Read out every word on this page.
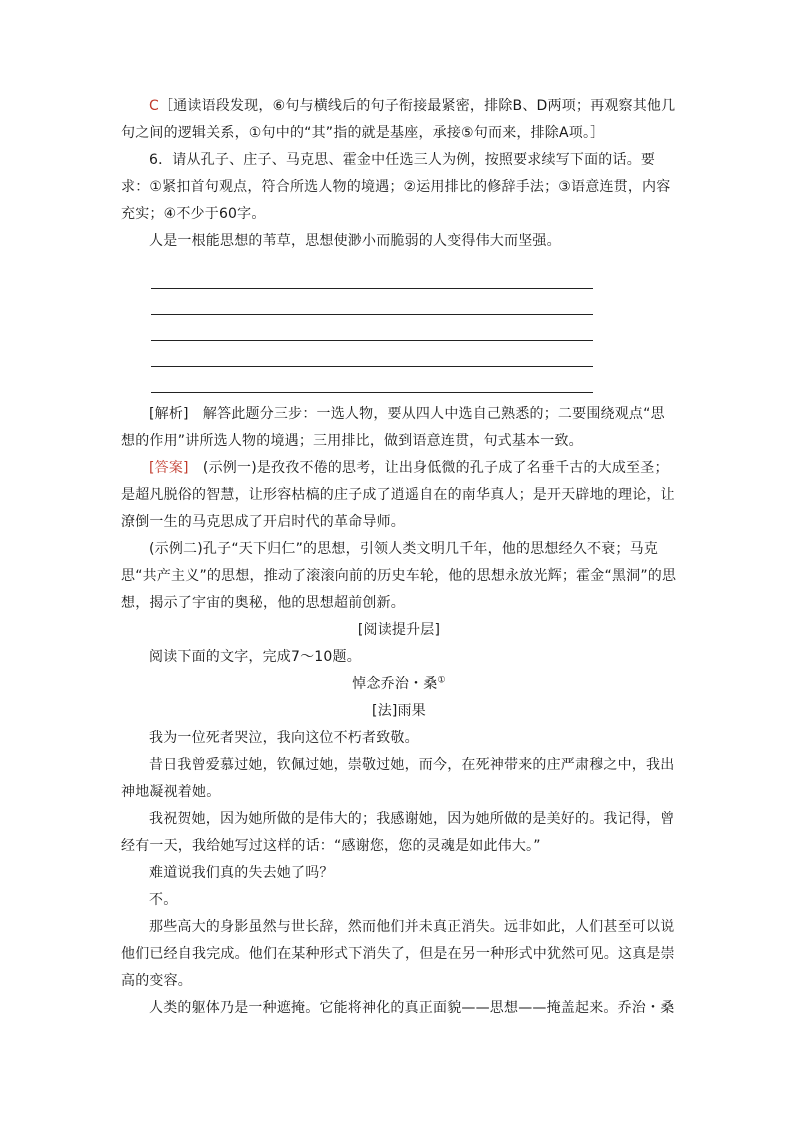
C［通读语段发现，⑥句与横线后的句子衔接最紧密，排除B、D两项；再观察其他几句之间的逻辑关系，①句中的“其”指的就是基座，承接⑤句而来，排除A项。］

6．请从孔子、庄子、马克思、霍金中任选三人为例，按照要求续写下面的话。要求：①紧扣首句观点，符合所选人物的境遇；②运用排比的修辞手法；③语意连贯，内容充实；④不少于60字。

人是一根能思想的苇草，思想使渺小而脆弱的人变得伟大而坚强。

[解析]　解答此题分三步：一选人物，要从四人中选自己熟悉的；二要围绕观点“思想的作用”讲所选人物的境遇；三用排比，做到语意连贯，句式基本一致。

[答案]　(示例一)是孜孜不倦的思考，让出身低微的孔子成了名垂千古的大成至圣；是超凡脱俗的智慧，让形容枯槁的庄子成了逍遥自在的南华真人；是开天辟地的理论，让潦倒一生的马克思成了开启时代的革命导师。

(示例二)孔子“天下归仁”的思想，引领人类文明几千年，他的思想经久不衰；马克思“共产主义”的思想，推动了滚滚向前的历史车轮，他的思想永放光辉；霍金“黑洞”的思想，揭示了宇宙的奥秘，他的思想超前创新。

[阅读提升层]

阅读下面的文字，完成7～10题。

悼念乔治・桑①

[法]雨果

我为一位死者哭泣，我向这位不朽者致敬。

昔日我曾爱慕过她，钦佩过她，崇敬过她，而今，在死神带来的庄严肃穆之中，我出神地凝视着她。

我祝贺她，因为她所做的是伟大的；我感谢她，因为她所做的是美好的。我记得，曾经有一天，我给她写过这样的话：“感谢您，您的灵魂是如此伟大。”

难道说我们真的失去她了吗？

不。

那些高大的身影虽然与世长辞，然而他们并未真正消失。远非如此，人们甚至可以说他们已经自我完成。他们在某种形式下消失了，但是在另一种形式中犹然可见。这真是崇高的变容。

人类的躯体乃是一种遮掩。它能将神化的真正面貌——思想——掩盖起来。乔治・桑
